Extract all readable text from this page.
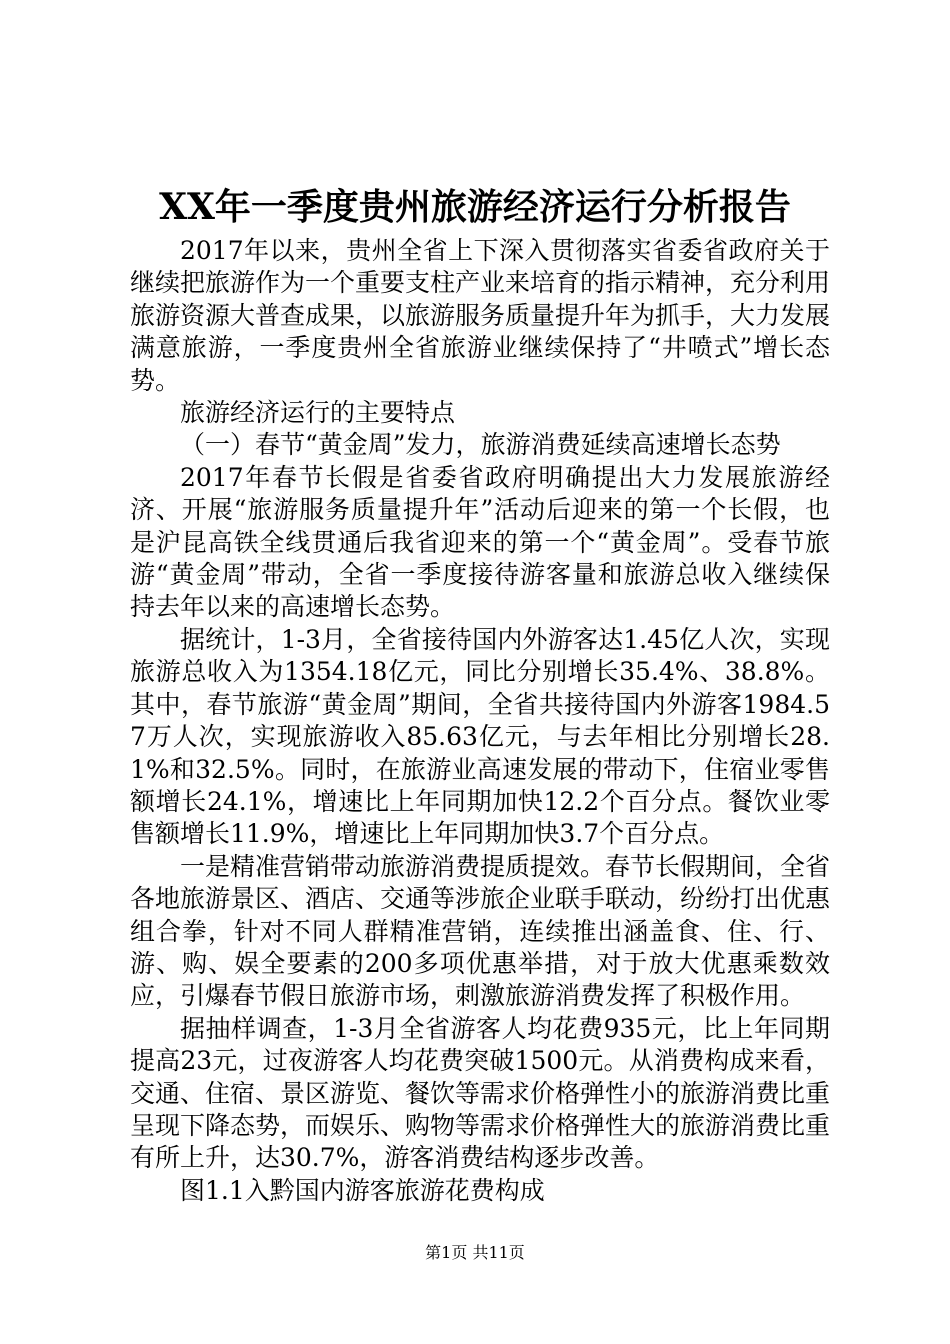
XX年一季度贵州旅游经济运行分析报告

2017年以来，贵州全省上下深入贯彻落实省委省政府关于继续把旅游作为一个重要支柱产业来培育的指示精神，充分利用旅游资源大普查成果，以旅游服务质量提升年为抓手，大力发展满意旅游，一季度贵州全省旅游业继续保持了“井喷式”增长态势。

旅游经济运行的主要特点

（一）春节“黄金周”发力，旅游消费延续高速增长态势

2017年春节长假是省委省政府明确提出大力发展旅游经济、开展“旅游服务质量提升年”活动后迎来的第一个长假，也是沪昆高铁全线贯通后我省迎来的第一个“黄金周”。受春节旅游“黄金周”带动，全省一季度接待游客量和旅游总收入继续保持去年以来的高速增长态势。

据统计，1-3月，全省接待国内外游客达1.45亿人次，实现旅游总收入为1354.18亿元，同比分别增长35.4%、38.8%。其中，春节旅游“黄金周”期间，全省共接待国内外游客1984.57万人次，实现旅游收入85.63亿元，与去年相比分别增长28.1%和32.5%。同时，在旅游业高速发展的带动下，住宿业零售额增长24.1%，增速比上年同期加快12.2个百分点。餐饮业零售额增长11.9%，增速比上年同期加快3.7个百分点。

一是精准营销带动旅游消费提质提效。春节长假期间，全省各地旅游景区、酒店、交通等涉旅企业联手联动，纷纷打出优惠组合拳，针对不同人群精准营销，连续推出涵盖食、住、行、游、购、娱全要素的200多项优惠举措，对于放大优惠乘数效应，引爆春节假日旅游市场，刺激旅游消费发挥了积极作用。

据抽样调查，1-3月全省游客人均花费935元，比上年同期提高23元，过夜游客人均花费突破1500元。从消费构成来看，交通、住宿、景区游览、餐饮等需求价格弹性小的旅游消费比重呈现下降态势，而娱乐、购物等需求价格弹性大的旅游消费比重有所上升，达30.7%，游客消费结构逐步改善。

图1.1入黔国内游客旅游花费构成

第1页 共11页
